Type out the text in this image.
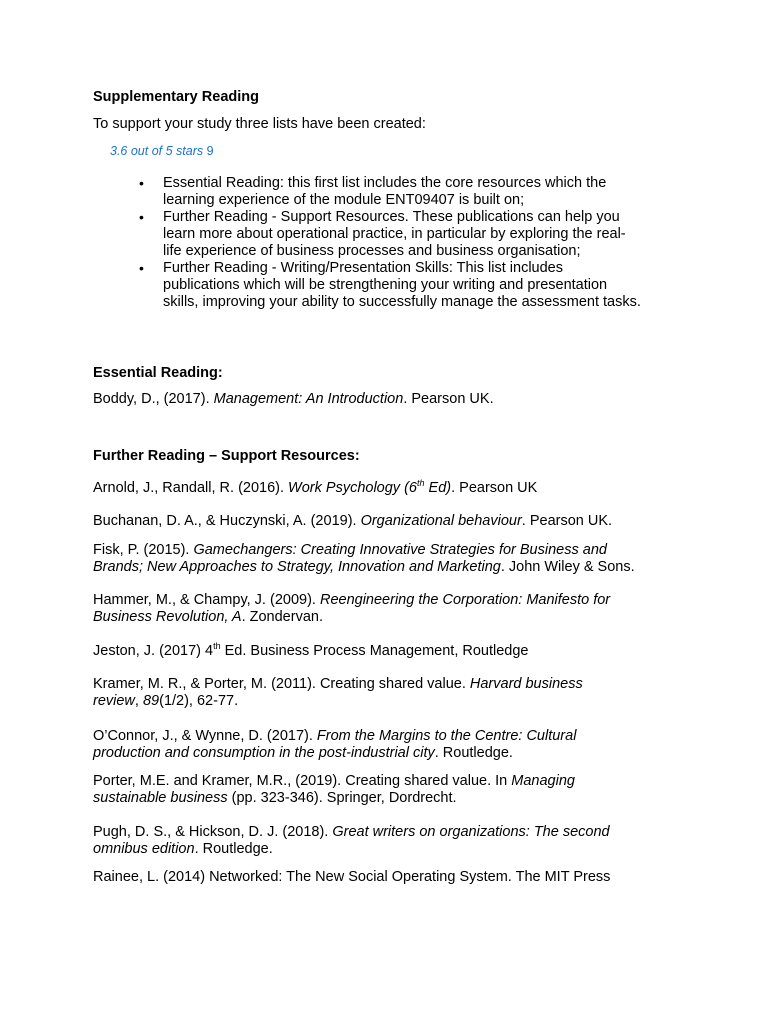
Supplementary Reading
To support your study three lists have been created:
3.6 out of 5 stars 9
• Essential Reading: this first list includes the core resources which the
learning experience of the module ENT09407 is built on;
• Further Reading - Support Resources. These publications can help you
learn more about operational practice, in particular by exploring the real-
life experience of business processes and business organisation;
• Further Reading - Writing/Presentation Skills: This list includes
publications which will be strengthening your writing and presentation
skills, improving your ability to successfully manage the assessment tasks.
Essential Reading:
Boddy, D., (2017). Management: An Introduction. Pearson UK.
Further Reading – Support Resources:
Arnold, J., Randall, R. (2016). Work Psychology (6th Ed). Pearson UK
Buchanan, D. A., & Huczynski, A. (2019). Organizational behaviour. Pearson UK.
Fisk, P. (2015). Gamechangers: Creating Innovative Strategies for Business and
Brands; New Approaches to Strategy, Innovation and Marketing. John Wiley & Sons.
Hammer, M., & Champy, J. (2009). Reengineering the Corporation: Manifesto for
Business Revolution, A. Zondervan.
Jeston, J. (2017) 4th Ed. Business Process Management, Routledge
Kramer, M. R., & Porter, M. (2011). Creating shared value. Harvard business
review, 89(1/2), 62-77.
O’Connor, J., & Wynne, D. (2017). From the Margins to the Centre: Cultural
production and consumption in the post-industrial city. Routledge.
Porter, M.E. and Kramer, M.R., (2019). Creating shared value. In Managing
sustainable business (pp. 323-346). Springer, Dordrecht.
Pugh, D. S., & Hickson, D. J. (2018). Great writers on organizations: The second
omnibus edition. Routledge.
Rainee, L. (2014) Networked: The New Social Operating System. The MIT Press
